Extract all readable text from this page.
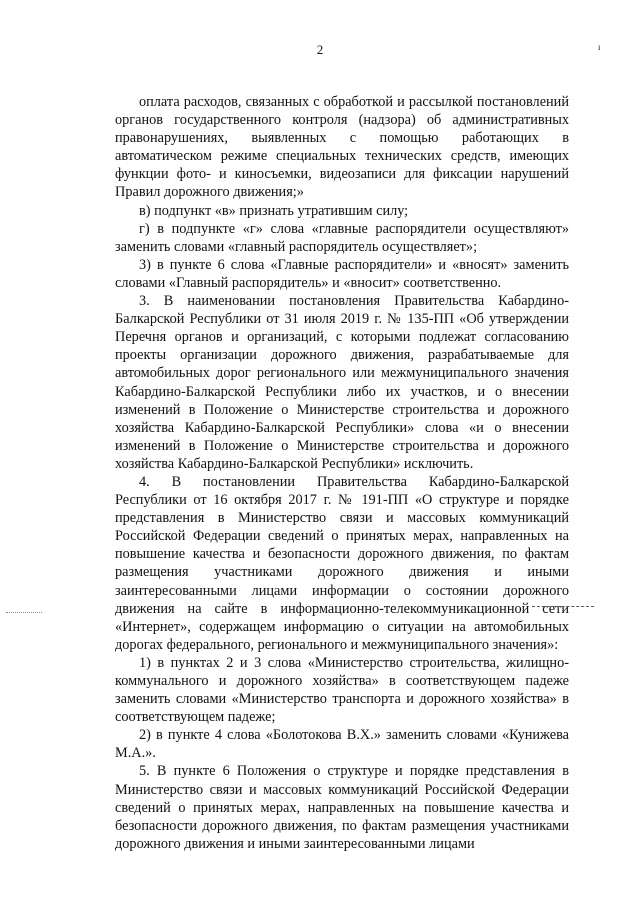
2	ı

оплата расходов, связанных с обработкой и рассылкой постановлений органов государственного контроля (надзора) об административных правонарушениях, выявленных с помощью работающих в автоматическом режиме специальных технических средств, имеющих функции фото- и киносъемки, видеозаписи для фиксации нарушений Правил дорожного движения;»

в) подпункт «в» признать утратившим силу;

г) в подпункте «г» слова «главные распорядители осуществляют» заменить словами «главный распорядитель осуществляет»;

3) в пункте 6 слова «Главные распорядители» и «вносят» заменить словами «Главный распорядитель» и «вносит» соответственно.

3. В наименовании постановления Правительства Кабардино-Балкарской Республики от 31 июля 2019 г. № 135-ПП «Об утверждении Перечня органов и организаций, с которыми подлежат согласованию проекты организации дорожного движения, разрабатываемые для автомобильных дорог регионального или межмуниципального значения Кабардино-Балкарской Республики либо их участков, и о внесении изменений в Положение о Министерстве строительства и дорожного хозяйства Кабардино-Балкарской Республики» слова «и о внесении изменений в Положение о Министерстве строительства и дорожного хозяйства Кабардино-Балкарской Республики» исключить.

4. В постановлении Правительства Кабардино-Балкарской Республики от 16 октября 2017 г. № 191-ПП «О структуре и порядке представления в Министерство связи и массовых коммуникаций Российской Федерации сведений о принятых мерах, направленных на повышение качества и безопасности дорожного движения, по фактам размещения участниками дорожного движения и иными заинтересованными лицами информации о состоянии дорожного движения на сайте в информационно-телекоммуникационной сети «Интернет», содержащем информацию о ситуации на автомобильных дорогах федерального, регионального и межмуниципального значения»:

1) в пунктах 2 и 3 слова «Министерство строительства, жилищно-коммунального и дорожного хозяйства» в соответствующем падеже заменить словами «Министерство транспорта и дорожного хозяйства» в соответствующем падеже;

2) в пункте 4 слова «Болотокова В.Х.» заменить словами «Кунижева М.А.».

5. В пункте 6 Положения о структуре и порядке представления в Министерство связи и массовых коммуникаций Российской Федерации сведений о принятых мерах, направленных на повышение качества и безопасности дорожного движения, по фактам размещения участниками дорожного движения и иными заинтересованными лицами
